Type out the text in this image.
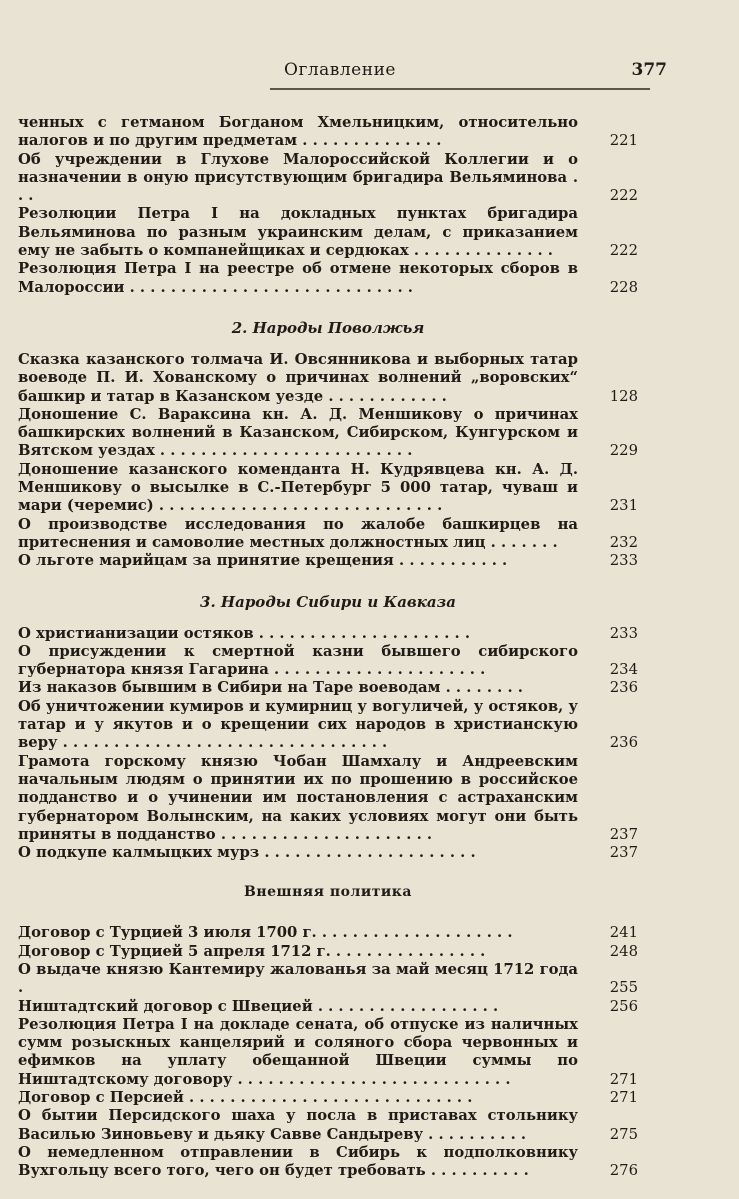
Оглавление	377
ченных с гетманом Богданом Хмельницким, относительно налогов и по другим предметам . . . . . . . . . . . . . .	221
Об учреждении в Глухове Малороссийской Коллегии и о назначении в оную присутствующим бригадира Вельяминова . . .	222
Резолюции Петра I на докладных пунктах бригадира Вельяминова по разным украинским делам, с приказанием ему не забыть о компанейщиках и сердюках . . . . . . . . . . . . . .	222
Резолюция Петра I на реестре об отмене некоторых сборов в Малороссии . . . . . . . . . . . . . . . . . . . . . . . . . . . .	228
2. Народы Поволжья
Сказка казанского толмача И. Овсянникова и выборных татар воеводе П. И. Хованскому о причинах волнений „воровских“ башкир и татар в Казанском уезде . . . . . . . . . . . .	128
Доношение С. Вараксина кн. А. Д. Меншикову о причинах башкирских волнений в Казанском, Сибирском, Кунгурском и Вятском уездах . . . . . . . . . . . . . . . . . . . . . . . . .	229
Доношение казанского коменданта Н. Кудрявцева кн. А. Д. Меншикову о высылке в С.-Петербург 5 000 татар, чуваш и мари (черемис) . . . . . . . . . . . . . . . . . . . . . . . . . . . .	231
О производстве исследования по жалобе башкирцев на притеснения и самоволие местных должностных лиц . . . . . . .	232
О льготе марийцам за принятие крещения . . . . . . . . . . .	233
3. Народы Сибири и Кавказа
О христианизации остяков . . . . . . . . . . . . . . . . . . . . .	233
О присуждении к смертной казни бывшего сибирского губернатора князя Гагарина . . . . . . . . . . . . . . . . . . . . .	234
Из наказов бывшим в Сибири на Таре воеводам . . . . . . . .	236
Об уничтожении кумиров и кумирниц у вогуличей, у остяков, у татар и у якутов и о крещении сих народов в христианскую веру . . . . . . . . . . . . . . . . . . . . . . . . . . . . . . . .	236
Грамота горскому князю Чобан Шамхалу и Андреевским начальным людям о принятии их по прошению в российское подданство и о учинении им постановления с астраханским губернатором Волынским, на каких условиях могут они быть приняты в подданство . . . . . . . . . . . . . . . . . . . . .	237
О подкупе калмыцких мурз . . . . . . . . . . . . . . . . . . . . .	237
Внешняя политика
Договор с Турцией 3 июля 1700 г. . . . . . . . . . . . . . . . . . . .	241
Договор с Турцией 5 апреля 1712 г. . . . . . . . . . . . . . . .	248
О выдаче князю Кантемиру жалованья за май месяц 1712 года .	255
Ништадтский договор с Швецией . . . . . . . . . . . . . . . . . .	256
Резолюция Петра I на докладе сената, об отпуске из наличных сумм розыскных канцелярий и соляного сбора червонных и ефимков на уплату обещанной Швеции суммы по Ништадтскому договору . . . . . . . . . . . . . . . . . . . . . . . . . . .	271
Договор с Персией . . . . . . . . . . . . . . . . . . . . . . . . . . . .	271
О бытии Персидского шаха у посла в приставах стольнику Василью Зиновьеву и дьяку Савве Сандыреву . . . . . . . . . .	275
О немедленном отправлении в Сибирь к подполковнику Вухгольцу всего того, чего он будет требовать . . . . . . . . . .	276
